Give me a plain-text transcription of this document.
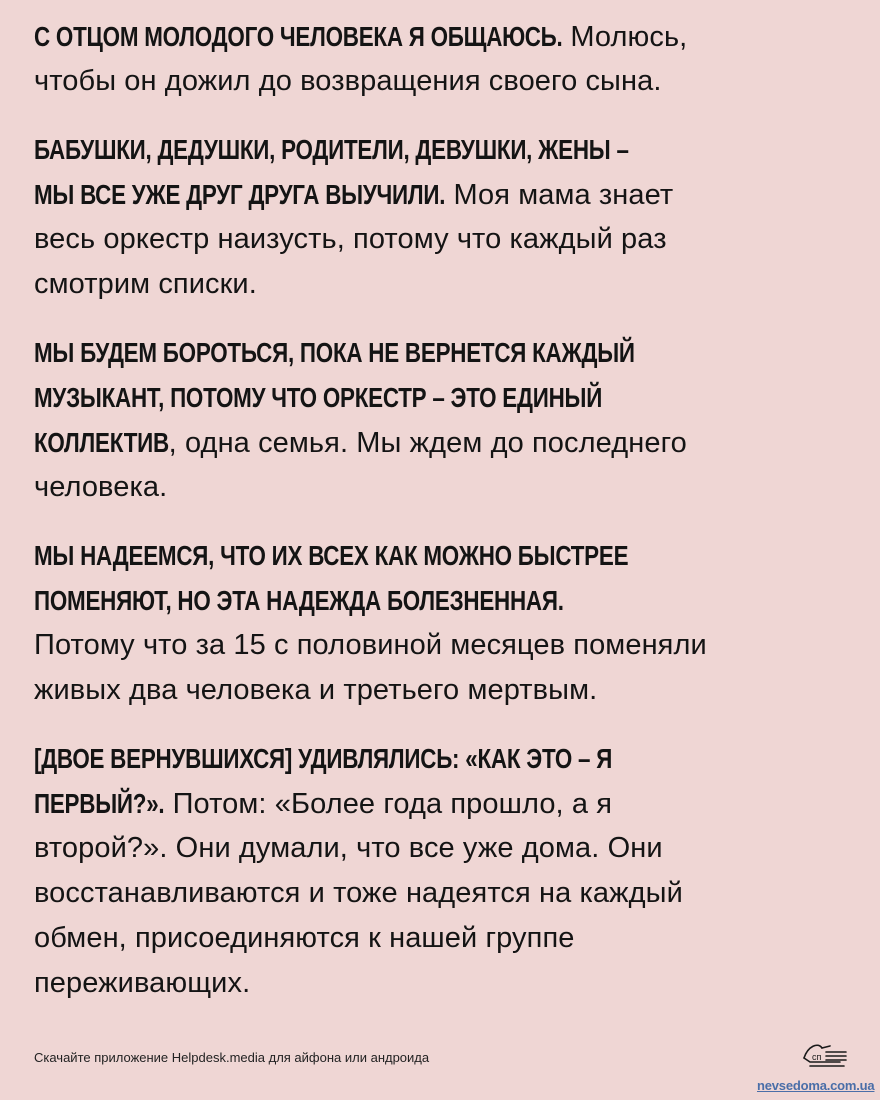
С ОТЦОМ МОЛОДОГО ЧЕЛОВЕКА Я ОБЩАЮСЬ. Молюсь,
чтобы он дожил до возвращения своего сына.
БАБУШКИ, ДЕДУШКИ, РОДИТЕЛИ, ДЕВУШКИ, ЖЕНЫ –
МЫ ВСЕ УЖЕ ДРУГ ДРУГА ВЫУЧИЛИ. Моя мама знает
весь оркестр наизусть, потому что каждый раз
смотрим списки.
МЫ БУДЕМ БОРОТЬСЯ, ПОКА НЕ ВЕРНЕТСЯ КАЖДЫЙ
МУЗЫКАНТ, ПОТОМУ ЧТО ОРКЕСТР – ЭТО ЕДИНЫЙ
КОЛЛЕКТИВ, одна семья. Мы ждем до последнего
человека.
МЫ НАДЕЕМСЯ, ЧТО ИХ ВСЕХ КАК МОЖНО БЫСТРЕЕ
ПОМЕНЯЮТ, НО ЭТА НАДЕЖДА БОЛЕЗНЕННАЯ.
Потому что за 15 с половиной месяцев поменяли
живых два человека и третьего мертвым.
[ДВОЕ ВЕРНУВШИХСЯ] УДИВЛЯЛИСЬ: «КАК ЭТО – Я
ПЕРВЫЙ?». Потом: «Более года прошло, а я
второй?». Они думали, что все уже дома. Они
восстанавливаются и тоже надеятся на каждый
обмен, присоединяются к нашей группе
переживающих.
Скачайте приложение Helpdesk.media для айфона или андроида	сп
nevsedoma.com.ua
